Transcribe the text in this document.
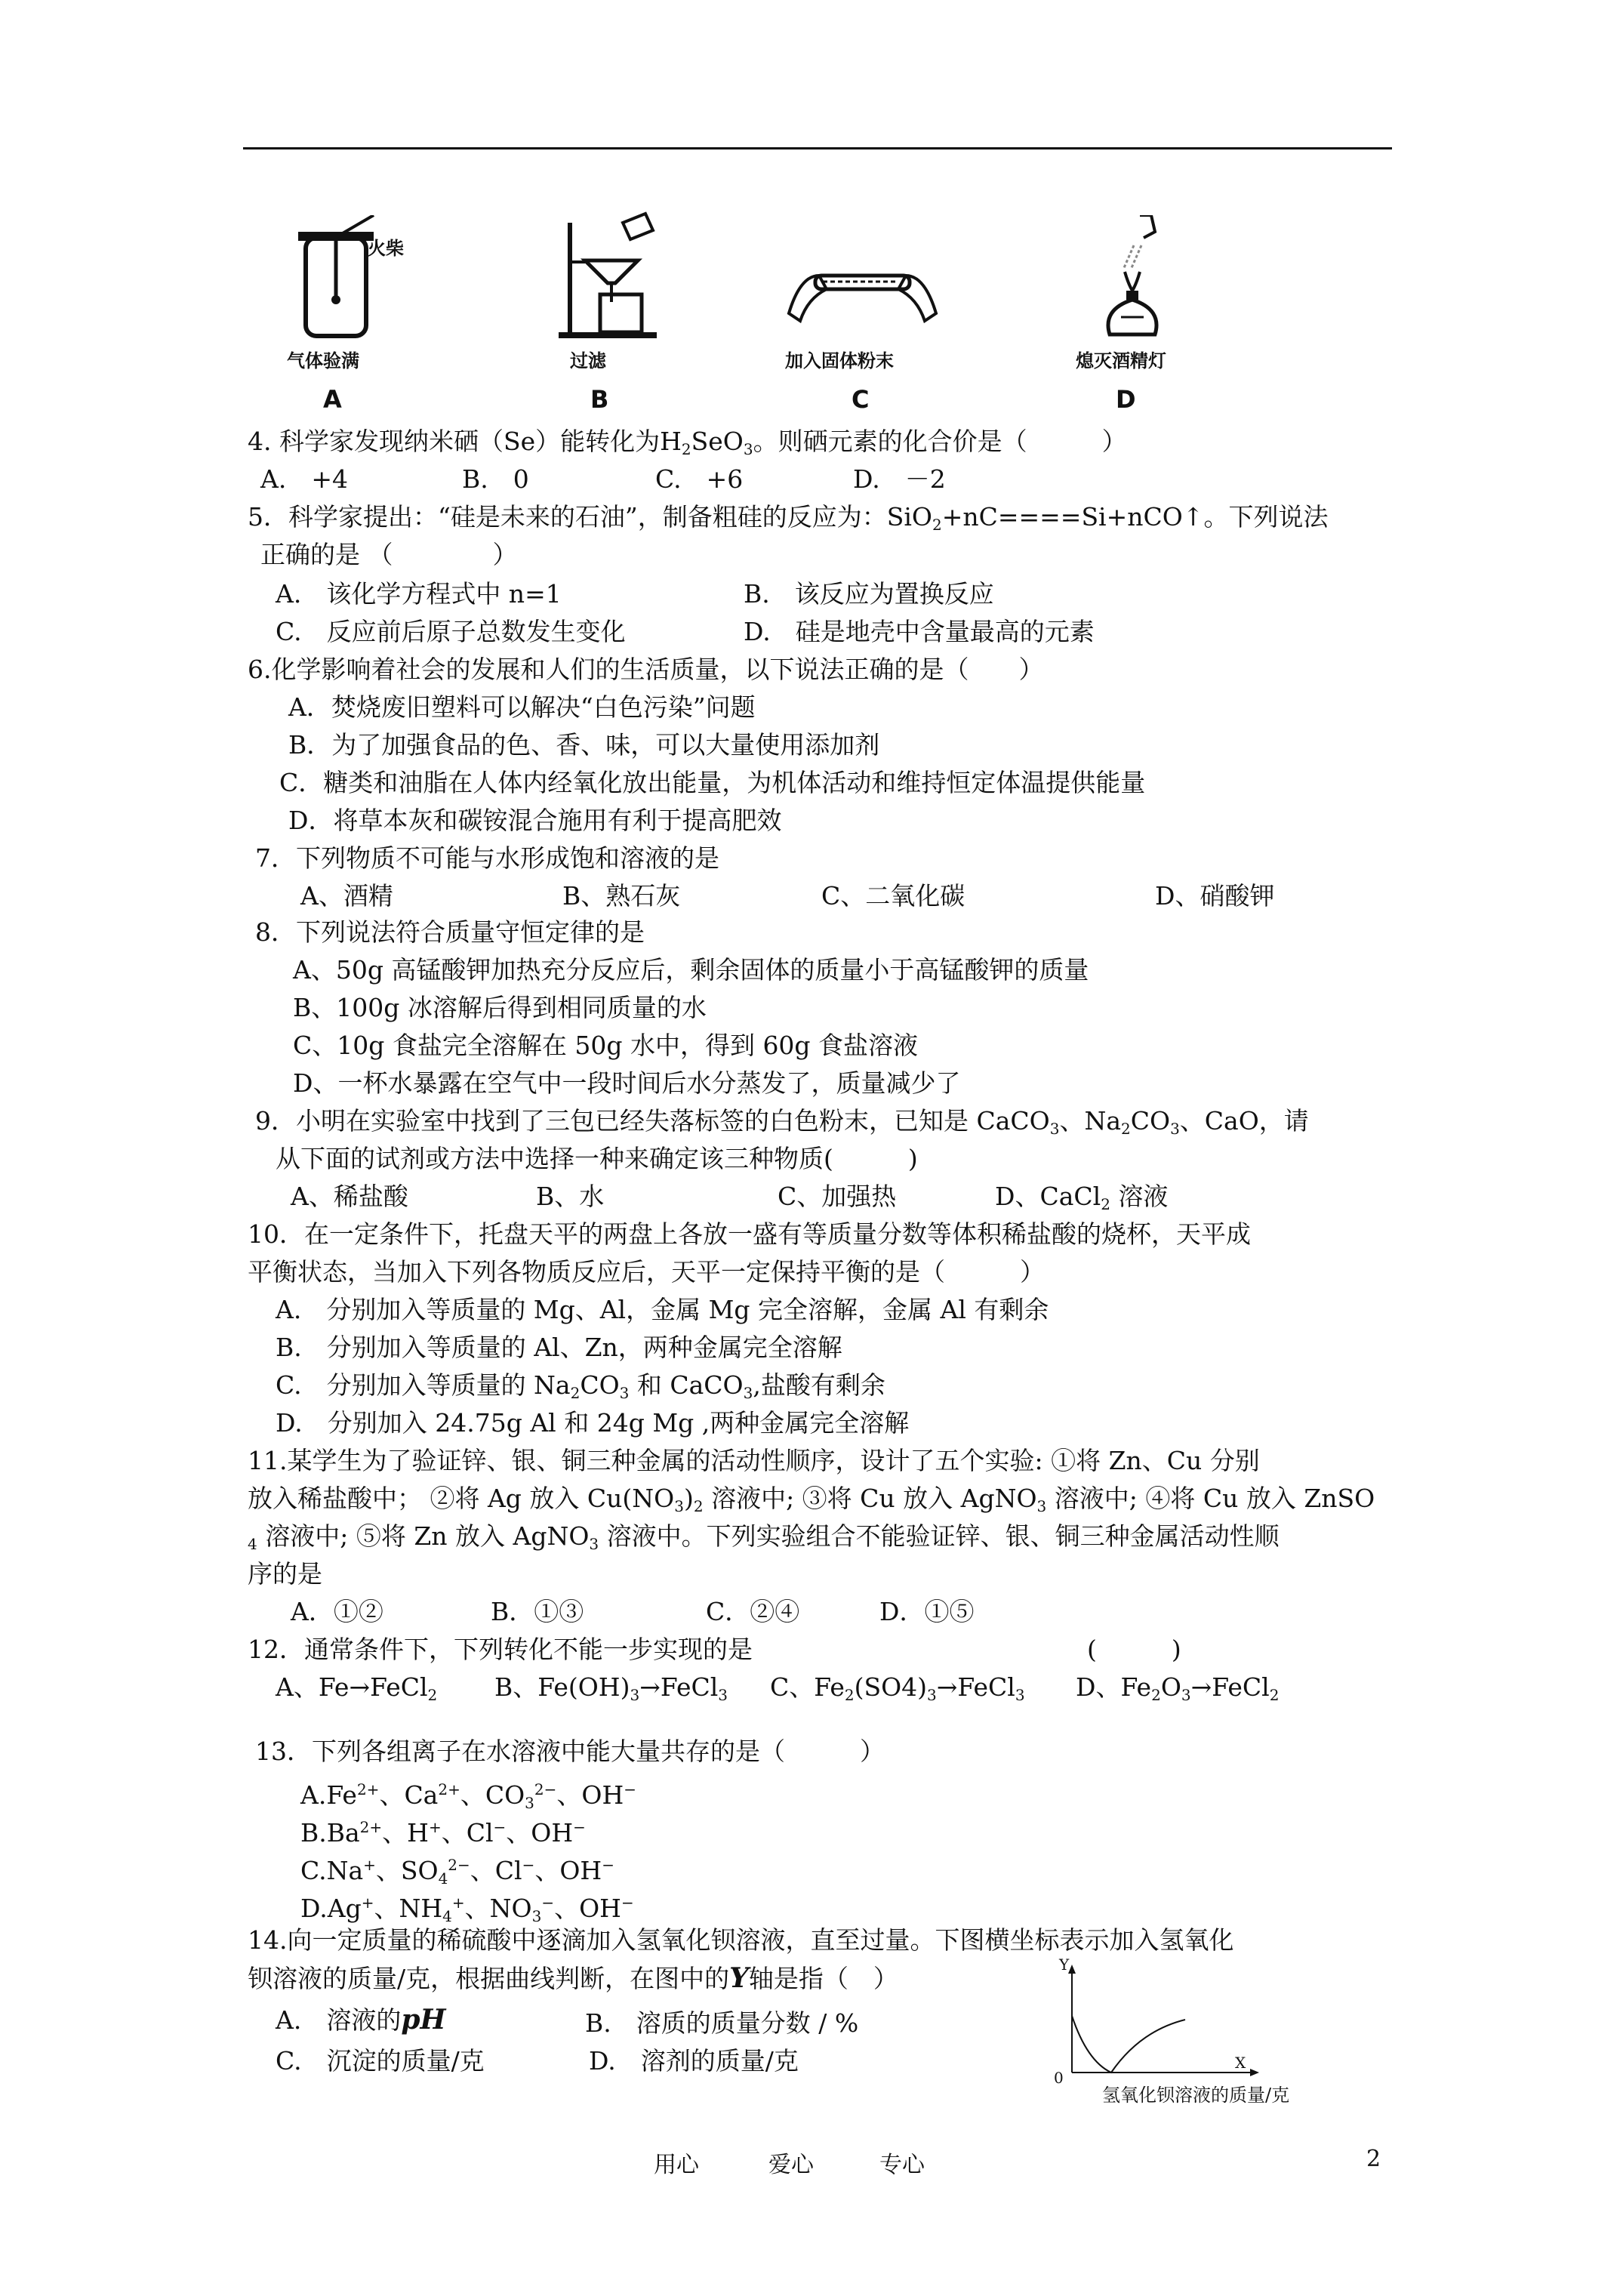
火柴
气体验满
A
过滤
B
加入固体粉末
C
熄灭酒精灯
D
4. 科学家发现纳米硒（Se）能转化为$H_2SeO_3$。则硒元素的化合价是（　　　）
A.　+4	B.　0	C.　+6	D.　－2
5．科学家提出：“硅是未来的石油”，制备粗硅的反应为：SiO$_2$+nC====Si+nCO↑。下列说法
正确的是 （　　　　）
A.　该化学方程式中 n=1	B.　该反应为置换反应
C.　反应前后原子总数发生变化	D.　硅是地壳中含量最高的元素
6.化学影响着社会的发展和人们的生活质量，以下说法正确的是（　　）
A．焚烧废旧塑料可以解决“白色污染”问题
B．为了加强食品的色、香、味，可以大量使用添加剂
C．糖类和油脂在人体内经氧化放出能量，为机体活动和维持恒定体温提供能量
D．将草本灰和碳铵混合施用有利于提高肥效
7．下列物质不可能与水形成饱和溶液的是
A、酒精	B、熟石灰	C、二氧化碳	D、硝酸钾
8．下列说法符合质量守恒定律的是
A、50g 高锰酸钾加热充分反应后，剩余固体的质量小于高锰酸钾的质量
B、100g 冰溶解后得到相同质量的水
C、10g 食盐完全溶解在 50g 水中，得到 60g 食盐溶液
D、一杯水暴露在空气中一段时间后水分蒸发了，质量减少了
9．小明在实验室中找到了三包已经失落标签的白色粉末，已知是 CaCO$_3$、$Na_2CO_3$、CaO，请
从下面的试剂或方法中选择一种来确定该三种物质(　　　)
A、稀盐酸	B、水	C、加强热	D、CaCl$_2$ 溶液
10．在一定条件下，托盘天平的两盘上各放一盛有等质量分数等体积稀盐酸的烧杯，天平成
平衡状态，当加入下列各物质反应后，天平一定保持平衡的是（　　　）
A.　分别加入等质量的 Mg、Al，金属 Mg 完全溶解，金属 Al 有剩余
B.　分别加入等质量的 Al、Zn，两种金属完全溶解
C.　分别加入等质量的 $Na_2CO_3$ 和 CaCO$_3$,盐酸有剩余
D.　分别加入 24.75g Al 和 24g Mg ,两种金属完全溶解
11.某学生为了验证锌、银、铜三种金属的活动性顺序，设计了五个实验: ①将 Zn、Cu 分别
放入稀盐酸中； ②将 Ag 放入 $Cu(NO_3)_2$ 溶液中; ③将 Cu 放入 AgNO$_3$ 溶液中; ④将 Cu 放入 ZnSO
$_4$ 溶液中; ⑤将 Zn 放入 AgNO$_3$ 溶液中。下列实验组合不能验证锌、银、铜三种金属活动性顺
序的是
A．①②	B．①③	C．②④	D．①⑤
12．通常条件下，下列转化不能一步实现的是	(　　　)
A、Fe→FeCl$_2$ B、$Fe(OH)_3\to FeCl_3$ C、$Fe_2(SO4)_3\to FeCl_3$ D、$Fe_2O_3\to FeCl_2$
13．下列各组离子在水溶液中能大量共存的是（　　　）
$A.Fe^{2+}$、$Ca^{2+}$、$CO_3^{2-}$、OH−
$B.Ba^{2+}$、H+、Cl−、OH−
C.Na+、$SO_4^{2-}$、Cl−、OH−
D.Ag+、$NH_4^+$、$NO_3^-$、OH−
14.向一定质量的稀硫酸中逐滴加入氢氧化钡溶液，直至过量。下图横坐标表示加入氢氧化
钡溶液的质量/克，根据曲线判断，在图中的Y轴是指（　）
A.　溶液的pH	B.　溶质的质量分数 / %
C.　沉淀的质量/克	D.　溶剂的质量/克
Y
X
0
氢氧化钡溶液的质量/克
用心	爱心	专心	2
